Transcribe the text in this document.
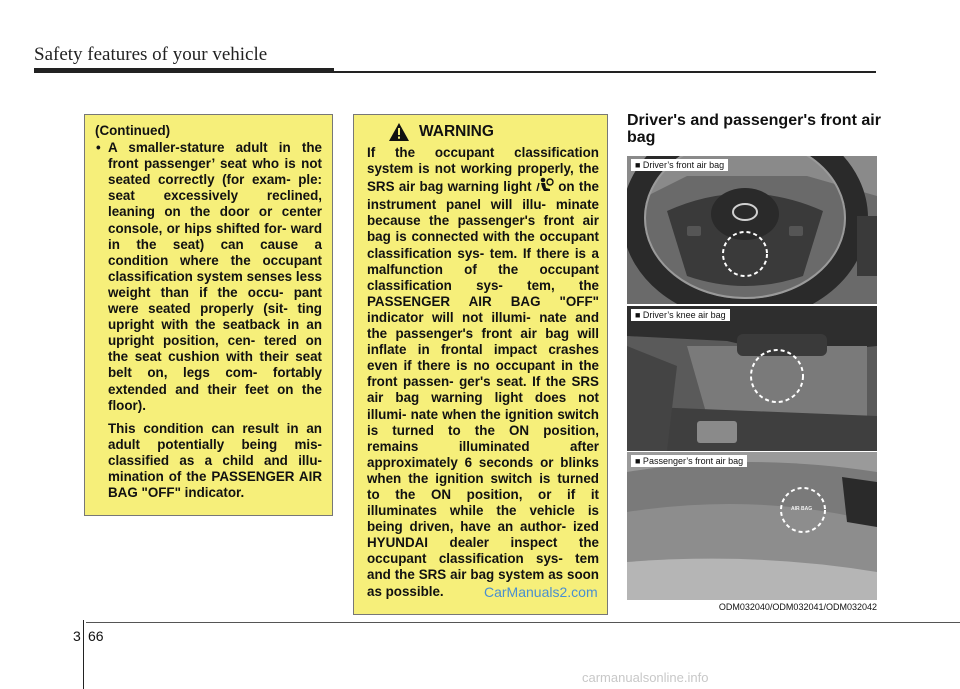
Safety features of your vehicle
(Continued)
• A smaller-stature adult in the front passenger’ seat who is not seated correctly (for exam- ple: seat excessively reclined, leaning on the door or center console, or hips shifted for- ward in the seat) can cause a condition where the occupant classification system senses less weight than if the occu- pant were seated properly (sit- ting upright with the seatback in an upright position, cen- tered on the seat cushion with their seat belt on, legs com- fortably extended and their feet on the floor).
This condition can result in an adult potentially being mis- classified as a child and illu- mination of the PASSENGER AIR BAG "OFF" indicator.
WARNING
If the occupant classification system is not working properly, the SRS air bag warning light on the instrument panel will illu- minate because the passenger's front air bag is connected with the occupant classification sys- tem. If there is a malfunction of the occupant classification sys- tem, the PASSENGER AIR BAG "OFF" indicator will not illumi- nate and the passenger's front air bag will inflate in frontal impact crashes even if there is no occupant in the front passen- ger's seat. If the SRS air bag warning light does not illumi- nate when the ignition switch is turned to the ON position, remains illuminated after approximately 6 seconds or blinks when the ignition switch is turned to the ON position, or if it illuminates while the vehicle is being driven, have an author- ized HYUNDAI dealer inspect the occupant classification sys- tem and the SRS air bag system as soon as possible.
Driver's and passenger's front air bag
■ Driver’s front air bag
■ Driver’s knee air bag
■ Passenger’s front air bag
AIR BAG
ODM032040/ODM032041/ODM032042
CarManuals2.com
3 66
carmanualsonline.info
